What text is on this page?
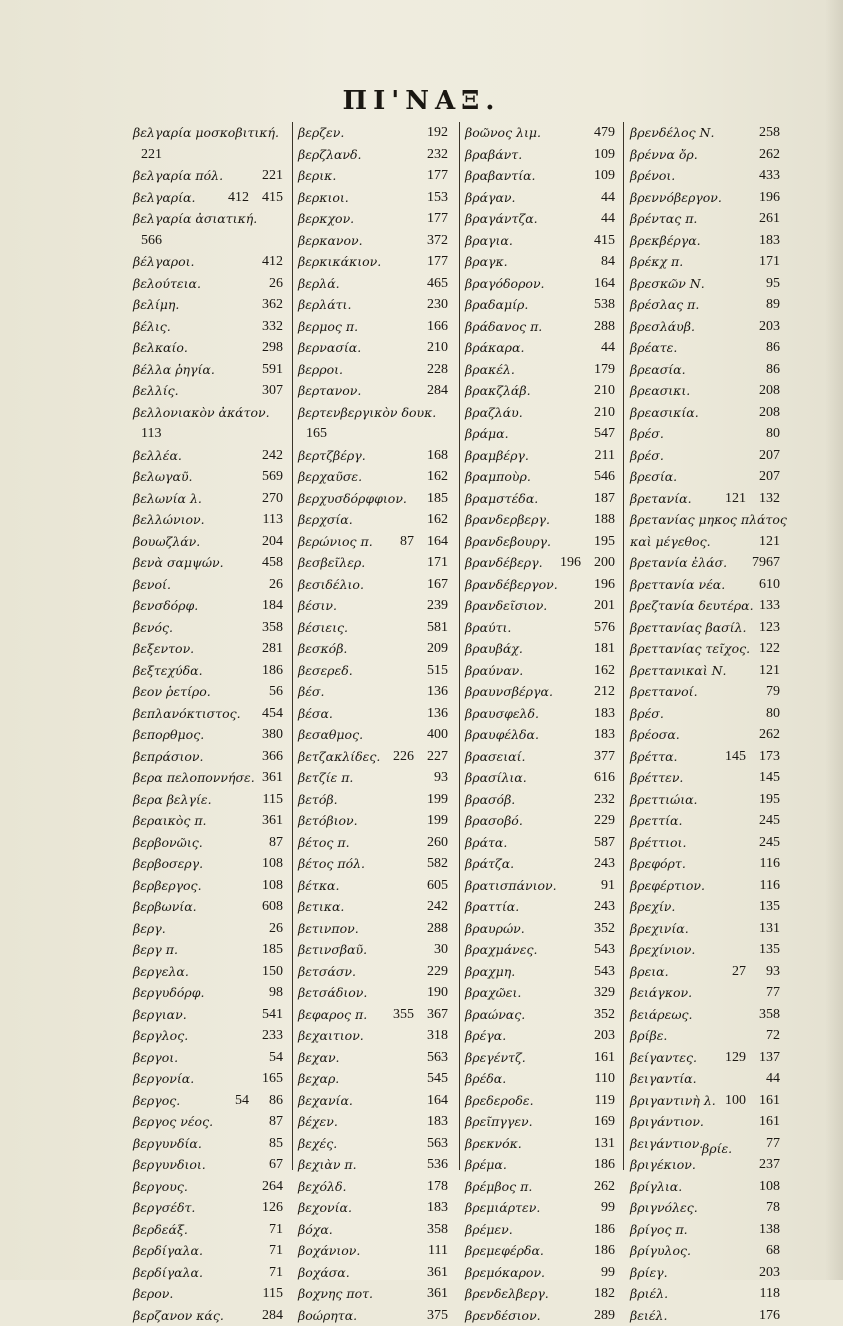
ΠΙ'ΝΑΞ.
βελγαρία μοσκοβιτική.
221
βελγαρία πόλ.	221
βελγαρία. 412 415
βελγαρία ἀσιατική.
566
βέλγαροι.	412
βελούτεια.	26
βελίμη.	362
βέλις.	332
βελκαίο.	298
βέλλα ῥηγία.	591
βελλίς.	307
βελλονιακὸν ἀκάτον.
113
βελλέα.	242
βελωγαῦ.	569
βελωνία λ.	270
βελλώνιον.	113
βουωζλάν.	204
βενὰ σαμψών.	458
βενοί.	26
βενσδόρφ.	184
βενός.	358
βεξεντον.	281
βεξτεχύδα.	186
βεον ῥετίρο.	56
βεπλανόκτιστος. 454
βεπορθμος.	380
βεπράσιον.	366
βερα πελοποννήσε. 361
βερα βελγίε.	115
βεραικὸς π.	361
βερβονῶις.	87
βερβοσεργ.	108
βερβεργος.	108
βερβωνία.	608
βεργ.	26
βεργ π.	185
βεργελα.	150
βεργυδόρφ.	98
βεργιαν.	541
βεργλος.	233
βεργοι.	54
βεργονία.	165
βεργος.	54 86
βεργος νέος.	87
βεργυνδία.	85
βεργυνδιοι.	67
βεργους.	264
βεργσέδτ.	126
βερδεάξ.	71
βερδίγαλα.	71
βερδίγαλα.	71
βερον.	115
βερζανον κάς.	284
βερζεν.	192
βερζλανδ.	232
βερικ.	177
βερκιοι.	153
βερκχον.	177
βερκανον.	372
βερκικάκιον.	177
βερλά.	465
βερλάτι.	230
βερμος π.	166
βερνασία.	210
βερροι.	228
βερτανον.	284
βερτενβεργικὸν δουκ.
165
βερτζβέργ.	168
βερχαῦσε.	162
βερχυσδόρφφιον. 185
βερχσία.	162
βερώνιος π. 87 164
βεσβεῖλερ.	171
βεσιδέλιο.	167
βέσιν.	239
βέσιεις.	581
βεσκόβ.	209
βεσερεδ.	515
βέσ.	136
βέσα.	136
βεσαθμος.	400
βετζακλίδες. 226 227
βετζίε π.	93
βετόβ.	199
βετόβιον.	199
βέτος π.	260
βέτος πόλ.	582
βέτκα.	605
βετικα.	242
βετινπον.	288
βετινσβαῦ.	30
βετσάσν.	229
βετσάδιον.	190
βεφαρος π. 355 367
βεχαιτιον.	318
βεχαν.	563
βεχαρ.	545
βεχανία.	164
βέχεν.	183
βεχές.	563
βεχιὰν π.	536
βεχόλδ.	178
βεχονία.	183
βόχα.	358
βοχάνιον.	111
βοχάσα.	361
βοχνης ποτ.	361
βοώρητα.	375
βοῶνος λιμ.	479
βραβάντ.	109
βραβαντία.	109
βράγαν.	44
βραγάντζα.	44
βραγια.	415
βραγκ.	84
βραγόδορον.	164
βραδαμίρ.	538
βράδανος π.	288
βράκαρα.	44
βρακέλ.	179
βρακζλάβ.	210
βραζλάυ.	210
βράμα.	547
βραμβέργ.	211
βραμποὺρ.	546
βραμστέδα.	187
βρανδερβεργ.	188
βρανδεβουργ.	195
βρανδέβεργ. 196 200
βρανδέβεργον.	196
βρανδεῖσιον.	201
βραύτι.	576
βραυβάχ.	181
βραύναν.	162
βραυνσβέργα.	212
βραυσφελδ.	183
βραυφέλδα.	183
βρασειαί.	377
βρασίλια.	616
βρασόβ.	232
βρασοβό.	229
βράτα.	587
βράτζα.	243
βρατισπάνιον.	91
βραττία.	243
βραυρών.	352
βραχμάνες.	543
βραχμη.	543
βραχῶει.	329
βραώνας.	352
βρέγα.	203
βρεγέντζ.	161
βρέδα.	110
βρεδεροδε.	119
βρεῖπγγεν.	169
βρεκνόκ.	131
βρέμα.	186
βρέμβος π.	262
βρεμιάρτεν.	99
βρέμεν.	186
βρεμεφέρδα.	186
βρεμόκαρον.	99
βρενδελβεργ.	182
βρενδέσιον.	289
βρενδέλος Ν.	258
βρέννα ὄρ.	262
βρένοι.	433
βρεννόβεργον.	196
βρέντας π.	261
βρεκβέργα.	183
βρέκχ π.	171
βρεσκῶν Ν.	95
βρέσλας π.	89
βρεσλάυβ.	203
βρέατε.	86
βρεασία.	86
βρεασικι.	208
βρεασικία.	208
βρέσ.	80
βρέσ.	207
βρεσία.	207
βρετανία. 121 132
βρετανίας μηκος πλάτος
καὶ μέγεθος.	121
βρετανία ἐλάσ. 7967
βρεττανία νέα. 610
βρεζτανία δευτέρα. 133
βρεττανίας βασίλ. 123
βρεττανίας τεῖχος. 122
βρεττανικαὶ Ν. 121
βρεττανοί.	79
βρέσ.	80
βρέοσα.	262
βρέττα.	145 173
βρέττεν.	145
βρεττιώια.	195
βρεττία.	245
βρέττιοι.	245
βρεφόρτ.	116
βρεφέρτιον.	116
βρεχίν.	135
βρεχινία.	131
βρεχίνιον.	135
βρεια.	27 93
βειάγκον.	77
βειάρεως.	358
βρίβε.	72
βείγαντες. 129 137
βειγαντία.	44
βριγαντινὴ λ. 100 161
βριγάντιον.	161
βειγάντιον.	77
βριγέκιον.	237
βρίγλια.	108
βριγνόλες.	78
βρίγος π.	138
βρίγυλος.	68
βρίεγ.	203
βριέλ.	118
βειέλ.	176
βρίε.
